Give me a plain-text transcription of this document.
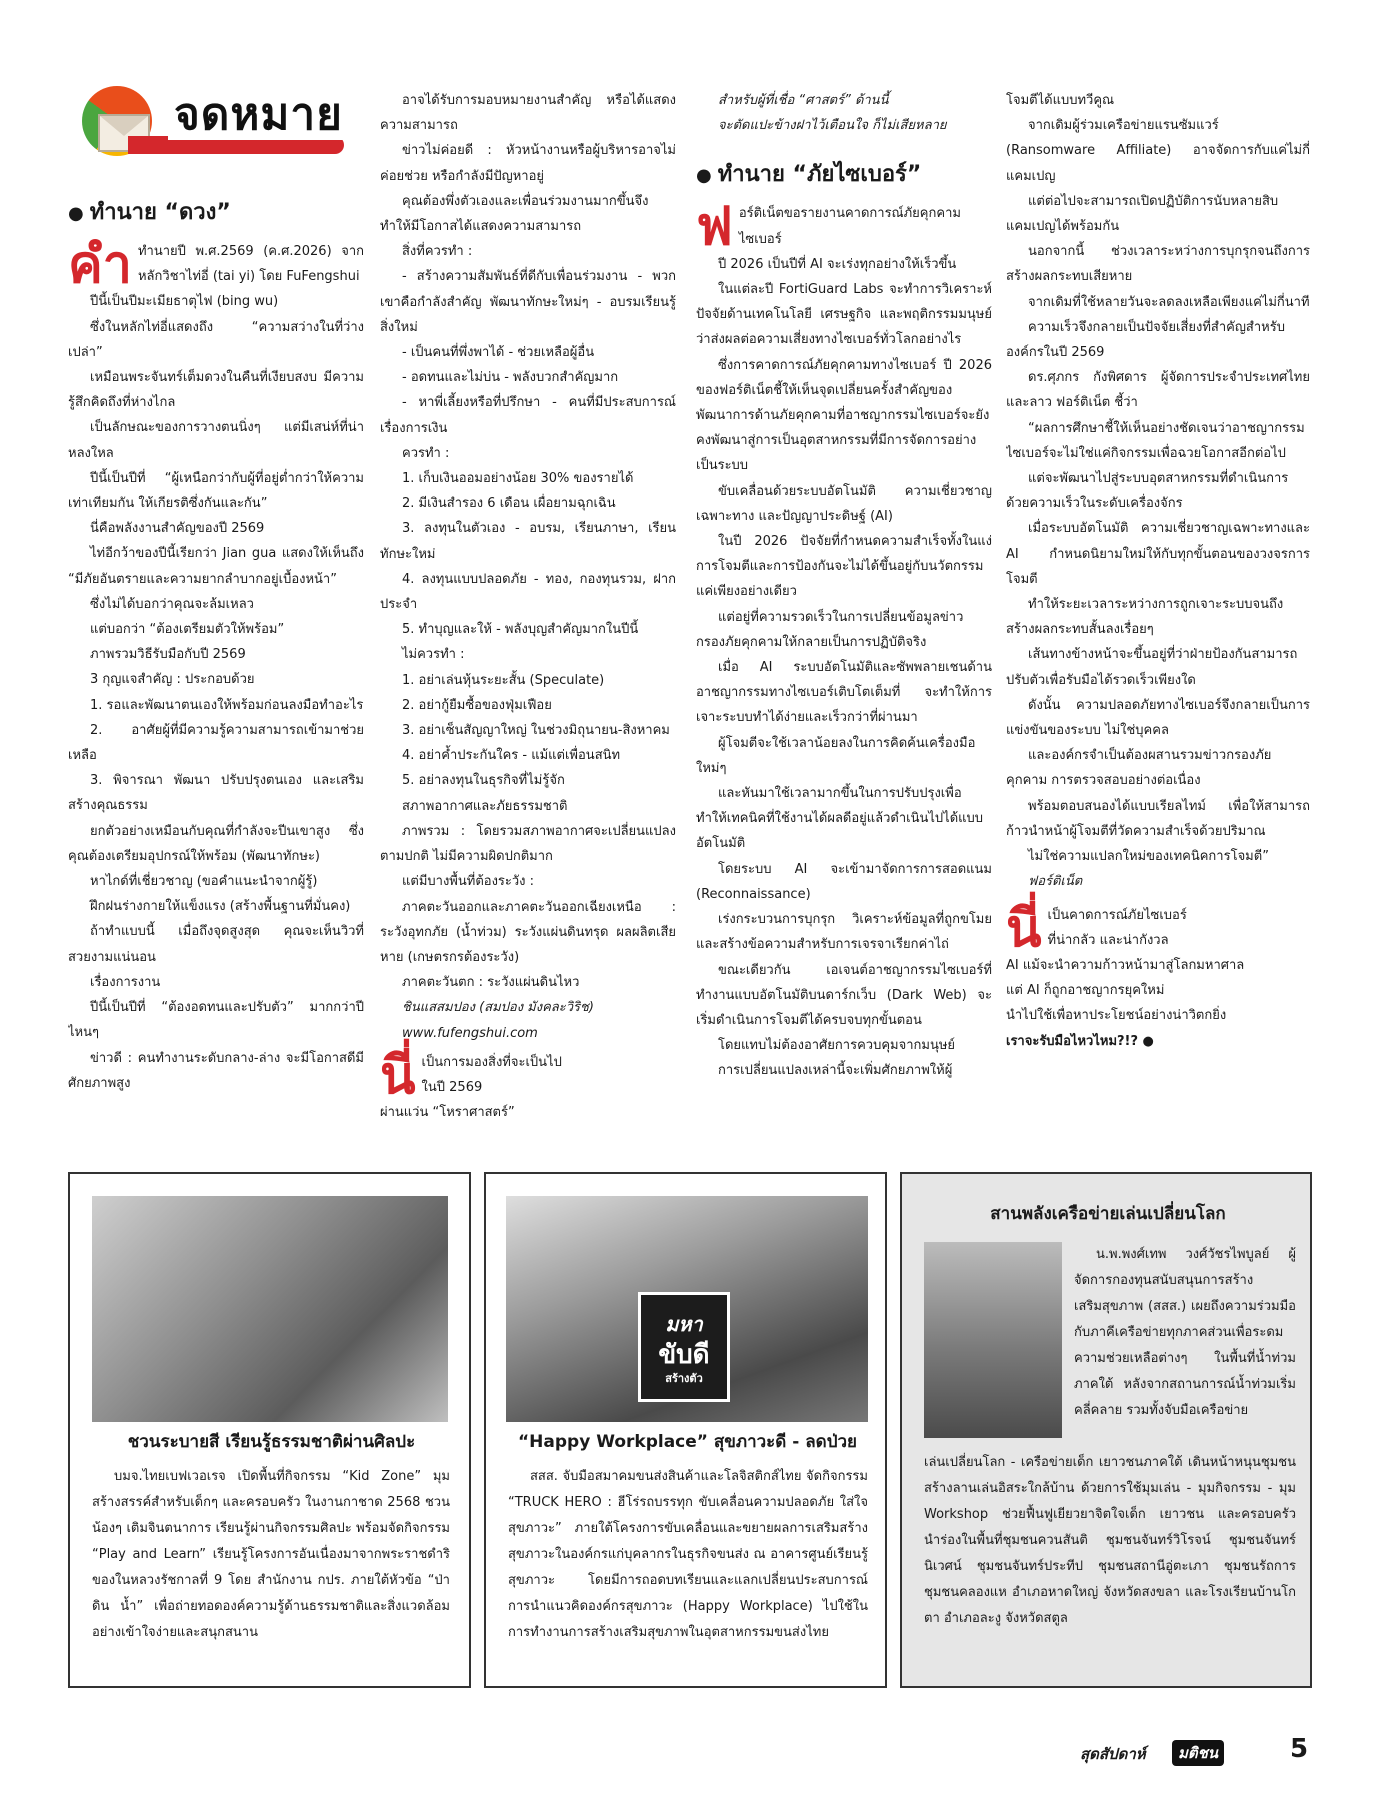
จดหมาย
● ทำนาย “ดวง”
คำ ทำนายปี พ.ศ.2569 (ค.ศ.2026) จากหลักวิชาไท่อี่ (tai yi) โดย FuFengshui

ปีนี้เป็นปีมะเมียธาตุไฟ (bing wu)

ซึ่งในหลักไท่อี่แสดงถึง “ความสว่างในที่ว่างเปล่า”

เหมือนพระจันทร์เต็มดวงในคืนที่เงียบสงบ มีความรู้สึกคิดถึงที่ห่างไกล

เป็นลักษณะของการวางตนนิ่งๆ แต่มีเสน่ห์ที่น่าหลงใหล

ปีนี้เป็นปีที่ “ผู้เหนือกว่ากับผู้ที่อยู่ต่ำกว่าให้ความเท่าเทียมกัน ให้เกียรติซึ่งกันและกัน”

นี่คือพลังงานสำคัญของปี 2569

ไท่อีกว้าของปีนี้เรียกว่า Jian gua แสดงให้เห็นถึง “มีภัยอันตรายและความยากลำบากอยู่เบื้องหน้า”

ซึ่งไม่ได้บอกว่าคุณจะล้มเหลว

แต่บอกว่า “ต้องเตรียมตัวให้พร้อม”

ภาพรวมวิธีรับมือกับปี 2569

3 กุญแจสำคัญ : ประกอบด้วย

1. รอและพัฒนาตนเองให้พร้อมก่อนลงมือทำอะไร

2. อาศัยผู้ที่มีความรู้ความสามารถเข้ามาช่วยเหลือ

3. พิจารณา พัฒนา ปรับปรุงตนเอง และเสริมสร้างคุณธรรม

ยกตัวอย่างเหมือนกับคุณที่กำลังจะปีนเขาสูง ซึ่งคุณต้องเตรียมอุปกรณ์ให้พร้อม (พัฒนาทักษะ)

หาไกด์ที่เชี่ยวชาญ (ขอคำแนะนำจากผู้รู้)

ฝึกฝนร่างกายให้แข็งแรง (สร้างพื้นฐานที่มั่นคง)

ถ้าทำแบบนี้ เมื่อถึงจุดสูงสุด คุณจะเห็นวิวที่สวยงามแน่นอน

เรื่องการงาน

ปีนี้เป็นปีที่ “ต้องอดทนและปรับตัว” มากกว่าปีไหนๆ

ข่าวดี : คนทำงานระดับกลาง-ล่าง จะมีโอกาสดีมีศักยภาพสูง

อาจได้รับการมอบหมายงานสำคัญ หรือได้แสดงความสามารถ

ข่าวไม่ค่อยดี : หัวหน้างานหรือผู้บริหารอาจไม่ค่อยช่วย หรือกำลังมีปัญหาอยู่

คุณต้องพึ่งตัวเองและเพื่อนร่วมงานมากขึ้นจึงทำให้มีโอกาสได้แสดงความสามารถ

สิ่งที่ควรทำ :

- สร้างความสัมพันธ์ที่ดีกับเพื่อนร่วมงาน - พวกเขาคือกำลังสำคัญ พัฒนาทักษะใหม่ๆ - อบรมเรียนรู้สิ่งใหม่

- เป็นคนที่พึ่งพาได้ - ช่วยเหลือผู้อื่น

- อดทนและไม่บ่น - พลังบวกสำคัญมาก

- หาพี่เลี้ยงหรือที่ปรึกษา - คนที่มีประสบการณ์เรื่องการเงิน

ควรทำ :

1. เก็บเงินออมอย่างน้อย 30% ของรายได้

2. มีเงินสำรอง 6 เดือน เผื่อยามฉุกเฉิน

3. ลงทุนในตัวเอง - อบรม, เรียนภาษา, เรียนทักษะใหม่

4. ลงทุนแบบปลอดภัย - ทอง, กองทุนรวม, ฝากประจำ

5. ทำบุญและให้ - พลังบุญสำคัญมากในปีนี้

ไม่ควรทำ :

1. อย่าเล่นหุ้นระยะสั้น (Speculate)

2. อย่ากู้ยืมซื้อของฟุ่มเฟือย

3. อย่าเซ็นสัญญาใหญ่ ในช่วงมิถุนายน-สิงหาคม

4. อย่าค้ำประกันใคร - แม้แต่เพื่อนสนิท

5. อย่าลงทุนในธุรกิจที่ไม่รู้จัก

สภาพอากาศและภัยธรรมชาติ

ภาพรวม : โดยรวมสภาพอากาศจะเปลี่ยนแปลงตามปกติ ไม่มีความผิดปกติมาก

แต่มีบางพื้นที่ต้องระวัง :

ภาคตะวันออกและภาคตะวันออกเฉียงเหนือ : ระวังอุทกภัย (น้ำท่วม) ระวังแผ่นดินทรุด ผลผลิตเสียหาย (เกษตรกรต้องระวัง)

ภาคตะวันตก : ระวังแผ่นดินไหว

ชินแสสมปอง (สมปอง มังคละวิริช)

www.fufengshui.com

นี่ เป็นการมองสิ่งที่จะเป็นไป

ในปี 2569

ผ่านแว่น “โหราศาสตร์”

สำหรับผู้ที่เชื่อ “ศาสตร์” ด้านนี้

จะตัดแปะข้างฝาไว้เตือนใจ ก็ไม่เสียหลาย

● ทำนาย “ภัยไซเบอร์”
ฟ อร์ติเน็ตขอรายงานคาดการณ์ภัยคุกคามไซเบอร์

ปี 2026 เป็นปีที่ AI จะเร่งทุกอย่างให้เร็วขึ้น

ในแต่ละปี FortiGuard Labs จะทำการวิเคราะห์ปัจจัยด้านเทคโนโลยี เศรษฐกิจ และพฤติกรรมมนุษย์ว่าส่งผลต่อความเสี่ยงทางไซเบอร์ทั่วโลกอย่างไร

ซึ่งการคาดการณ์ภัยคุกคามทางไซเบอร์ ปี 2026 ของฟอร์ติเน็ตชี้ให้เห็นจุดเปลี่ยนครั้งสำคัญของพัฒนาการด้านภัยคุกคามที่อาชญากรรมไซเบอร์จะยังคงพัฒนาสู่การเป็นอุตสาหกรรมที่มีการจัดการอย่างเป็นระบบ

ขับเคลื่อนด้วยระบบอัตโนมัติ ความเชี่ยวชาญเฉพาะทาง และปัญญาประดิษฐ์ (AI)

ในปี 2026 ปัจจัยที่กำหนดความสำเร็จทั้งในแง่การโจมตีและการป้องกันจะไม่ได้ขึ้นอยู่กับนวัตกรรมแค่เพียงอย่างเดียว

แต่อยู่ที่ความรวดเร็วในการเปลี่ยนข้อมูลข่าวกรองภัยคุกคามให้กลายเป็นการปฏิบัติจริง

เมื่อ AI ระบบอัตโนมัติและซัพพลายเชนด้านอาชญากรรมทางไซเบอร์เติบโตเต็มที่ จะทำให้การเจาะระบบทำได้ง่ายและเร็วกว่าที่ผ่านมา

ผู้โจมตีจะใช้เวลาน้อยลงในการคิดค้นเครื่องมือใหม่ๆ

และหันมาใช้เวลามากขึ้นในการปรับปรุงเพื่อทำให้เทคนิคที่ใช้งานได้ผลดีอยู่แล้วดำเนินไปได้แบบอัตโนมัติ

โดยระบบ AI จะเข้ามาจัดการการสอดแนม (Reconnaissance)

เร่งกระบวนการบุกรุก วิเคราะห์ข้อมูลที่ถูกขโมยและสร้างข้อความสำหรับการเจรจาเรียกค่าไถ่

ขณะเดียวกัน เอเจนต์อาชญากรรมไซเบอร์ที่ทำงานแบบอัตโนมัติบนดาร์กเว็บ (Dark Web) จะเริ่มดำเนินการโจมตีได้ครบจบทุกขั้นตอน

โดยแทบไม่ต้องอาศัยการควบคุมจากมนุษย์

การเปลี่ยนแปลงเหล่านี้จะเพิ่มศักยภาพให้ผู้

โจมตีได้แบบทวีคูณ

จากเดิมผู้ร่วมเครือข่ายแรนซัมแวร์ (Ransomware Affiliate) อาจจัดการกับแค่ไม่กี่แคมเปญ

แต่ต่อไปจะสามารถเปิดปฏิบัติการนับหลายสิบแคมเปญได้พร้อมกัน

นอกจากนี้ ช่วงเวลาระหว่างการบุกรุกจนถึงการสร้างผลกระทบเสียหาย

จากเดิมที่ใช้หลายวันจะลดลงเหลือเพียงแค่ไม่กี่นาที

ความเร็วจึงกลายเป็นปัจจัยเสี่ยงที่สำคัญสำหรับองค์กรในปี 2569

ดร.ศุภกร กังพิศดาร ผู้จัดการประจำประเทศไทยและลาว ฟอร์ติเน็ต ชี้ว่า

“ผลการศึกษาชี้ให้เห็นอย่างชัดเจนว่าอาชญากรรมไซเบอร์จะไม่ใช่แค่กิจกรรมเพื่อฉวยโอกาสอีกต่อไป

แต่จะพัฒนาไปสู่ระบบอุตสาหกรรมที่ดำเนินการด้วยความเร็วในระดับเครื่องจักร

เมื่อระบบอัตโนมัติ ความเชี่ยวชาญเฉพาะทางและ AI กำหนดนิยามใหม่ให้กับทุกขั้นตอนของวงจรการโจมตี

ทำให้ระยะเวลาระหว่างการถูกเจาะระบบจนถึงสร้างผลกระทบสั้นลงเรื่อยๆ

เส้นทางข้างหน้าจะขึ้นอยู่ที่ว่าฝ่ายป้องกันสามารถปรับตัวเพื่อรับมือได้รวดเร็วเพียงใด

ดังนั้น ความปลอดภัยทางไซเบอร์จึงกลายเป็นการแข่งขันของระบบ ไม่ใช่บุคคล

และองค์กรจำเป็นต้องผสานรวมข่าวกรองภัยคุกคาม การตรวจสอบอย่างต่อเนื่อง

พร้อมตอบสนองได้แบบเรียลไทม์ เพื่อให้สามารถก้าวนำหน้าผู้โจมตีที่วัดความสำเร็จด้วยปริมาณ

ไม่ใช่ความแปลกใหม่ของเทคนิคการโจมตี”

ฟอร์ติเน็ต

นี่ เป็นคาดการณ์ภัยไซเบอร์

ที่น่ากลัว และน่ากังวล

AI แม้จะนำความก้าวหน้ามาสู่โลกมหาศาล

แต่ AI ก็ถูกอาชญากรยุคใหม่

นำไปใช้เพื่อหาประโยชน์อย่างน่าวิตกยิ่ง

เราจะรับมือไหวไหม?!? ●

ชวนระบายสี เรียนรู้ธรรมชาติผ่านศิลปะ

บมจ.ไทยเบฟเวอเรจ เปิดพื้นที่กิจกรรม “Kid Zone” มุมสร้างสรรค์สำหรับเด็กๆ และครอบครัว ในงานกาชาด 2568 ชวนน้องๆ เติมจินตนาการ เรียนรู้ผ่านกิจกรรมศิลปะ พร้อมจัดกิจกรรม “Play and Learn” เรียนรู้โครงการอันเนื่องมาจากพระราชดำริของในหลวงรัชกาลที่ 9 โดย สำนักงาน กปร. ภายใต้หัวข้อ “ป่า ดิน น้ำ” เพื่อถ่ายทอดองค์ความรู้ด้านธรรมชาติและสิ่งแวดล้อมอย่างเข้าใจง่ายและสนุกสนาน

มหา
ขับดี
สร้างตัว
“Happy Workplace” สุขภาวะดี - ลดป่วย

สสส. จับมือสมาคมขนส่งสินค้าและโลจิสติกส์ไทย จัดกิจกรรม “TRUCK HERO : ฮีโร่รถบรรทุก ขับเคลื่อนความปลอดภัย ใส่ใจสุขภาวะ” ภายใต้โครงการขับเคลื่อนและขยายผลการเสริมสร้างสุขภาวะในองค์กรแก่บุคลากรในธุรกิจขนส่ง ณ อาคารศูนย์เรียนรู้สุขภาวะ โดยมีการถอดบทเรียนและแลกเปลี่ยนประสบการณ์การนำแนวคิดองค์กรสุขภาวะ (Happy Workplace) ไปใช้ในการทำงานการสร้างเสริมสุขภาพในอุตสาหกรรมขนส่งไทย

สานพลังเครือข่ายเล่นเปลี่ยนโลก

น.พ.พงศ์เทพ วงศ์วัชรไพบูลย์ ผู้จัดการกองทุนสนับสนุนการสร้างเสริมสุขภาพ (สสส.) เผยถึงความร่วมมือกับภาคีเครือข่ายทุกภาคส่วนเพื่อระดมความช่วยเหลือต่างๆ ในพื้นที่น้ำท่วมภาคใต้ หลังจากสถานการณ์น้ำท่วมเริ่มคลี่คลาย รวมทั้งจับมือเครือข่าย

เล่นเปลี่ยนโลก - เครือข่ายเด็ก เยาวชนภาคใต้ เดินหน้าหนุนชุมชนสร้างลานเล่นอิสระใกล้บ้าน ด้วยการใช้มุมเล่น - มุมกิจกรรม - มุม Workshop ช่วยฟื้นฟูเยียวยาจิตใจเด็ก เยาวชน และครอบครัว นำร่องในพื้นที่ชุมชนควนสันติ ชุมชนจันทร์วิโรจน์ ชุมชนจันทร์นิเวศน์ ชุมชนจันทร์ประทีป ชุมชนสถานีอู่ตะเภา ชุมชนรัถการ ชุมชนคลองแห อำเภอหาดใหญ่ จังหวัดสงขลา และโรงเรียนบ้านโกตา อำเภอละงู จังหวัดสตูล

สุดสัปดาห์	มติชน	5
